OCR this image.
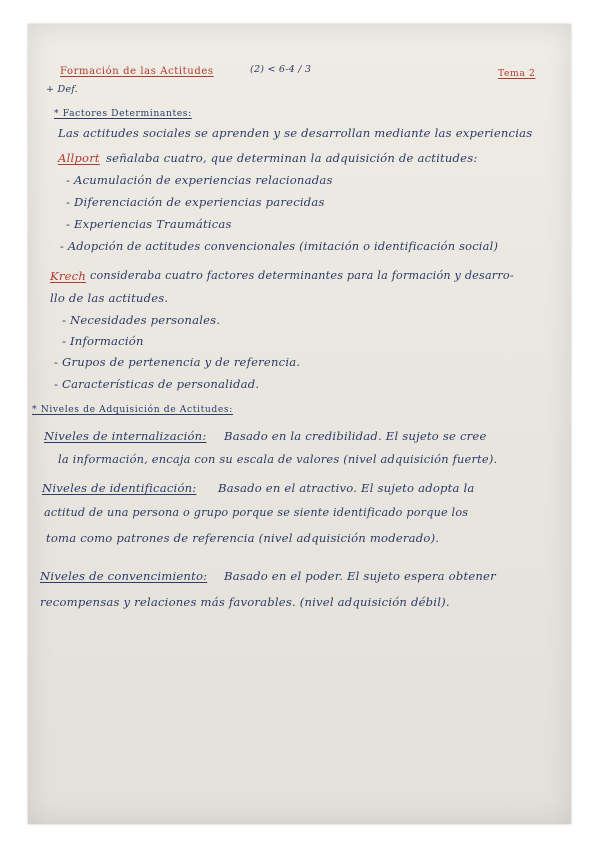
Formación de las Actitudes	(2) < 6-4 / 3	Tema 2
+ Def.
* Factores Determinantes:
Las actitudes sociales se aprenden y se desarrollan mediante las experiencias
Allport señalaba cuatro, que determinan la adquisición de actitudes:
- Acumulación de experiencias relacionadas
- Diferenciación de experiencias parecidas
- Experiencias Traumáticas
- Adopción de actitudes convencionales (imitación o identificación social)
Krech consideraba cuatro factores determinantes para la formación y desarro-
llo de las actitudes.
- Necesidades personales.
- Información
- Grupos de pertenencia y de referencia.
- Características de personalidad.
* Niveles de Adquisición de Actitudes:
Niveles de internalización: Basado en la credibilidad. El sujeto se cree
la información, encaja con su escala de valores (nivel adquisición fuerte).
Niveles de identificación: Basado en el atractivo. El sujeto adopta la
actitud de una persona o grupo porque se siente identificado porque los
toma como patrones de referencia (nivel adquisición moderado).
Niveles de convencimiento: Basado en el poder. El sujeto espera obtener
recompensas y relaciones más favorables. (nivel adquisición débil).
